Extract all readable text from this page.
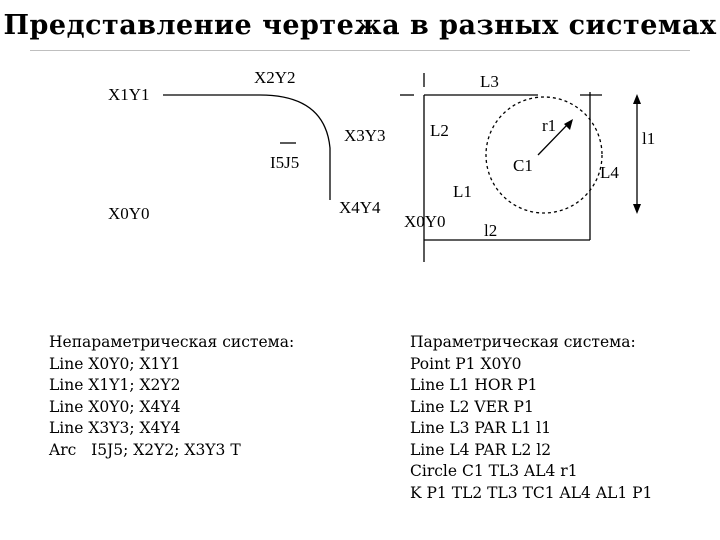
Представление чертежа в разных системах
X1Y1
X2Y2
X3Y3
I5J5
X0Y0	X4Y4
L3
L2	r1
l1
C1	L4
L1
X0Y0 l2
Непараметрическая система:
Line X0Y0; X1Y1
Line X1Y1; X2Y2
Line X0Y0; X4Y4
Line X3Y3; X4Y4
Arc   I5J5; X2Y2; X3Y3 T
Параметрическая система:
Point P1 X0Y0
Line L1 HOR P1
Line L2 VER P1
Line L3 PAR L1 l1
Line L4 PAR L2 l2
Circle C1 TL3 AL4 r1
K P1 TL2 TL3 TC1 AL4 AL1 P1
